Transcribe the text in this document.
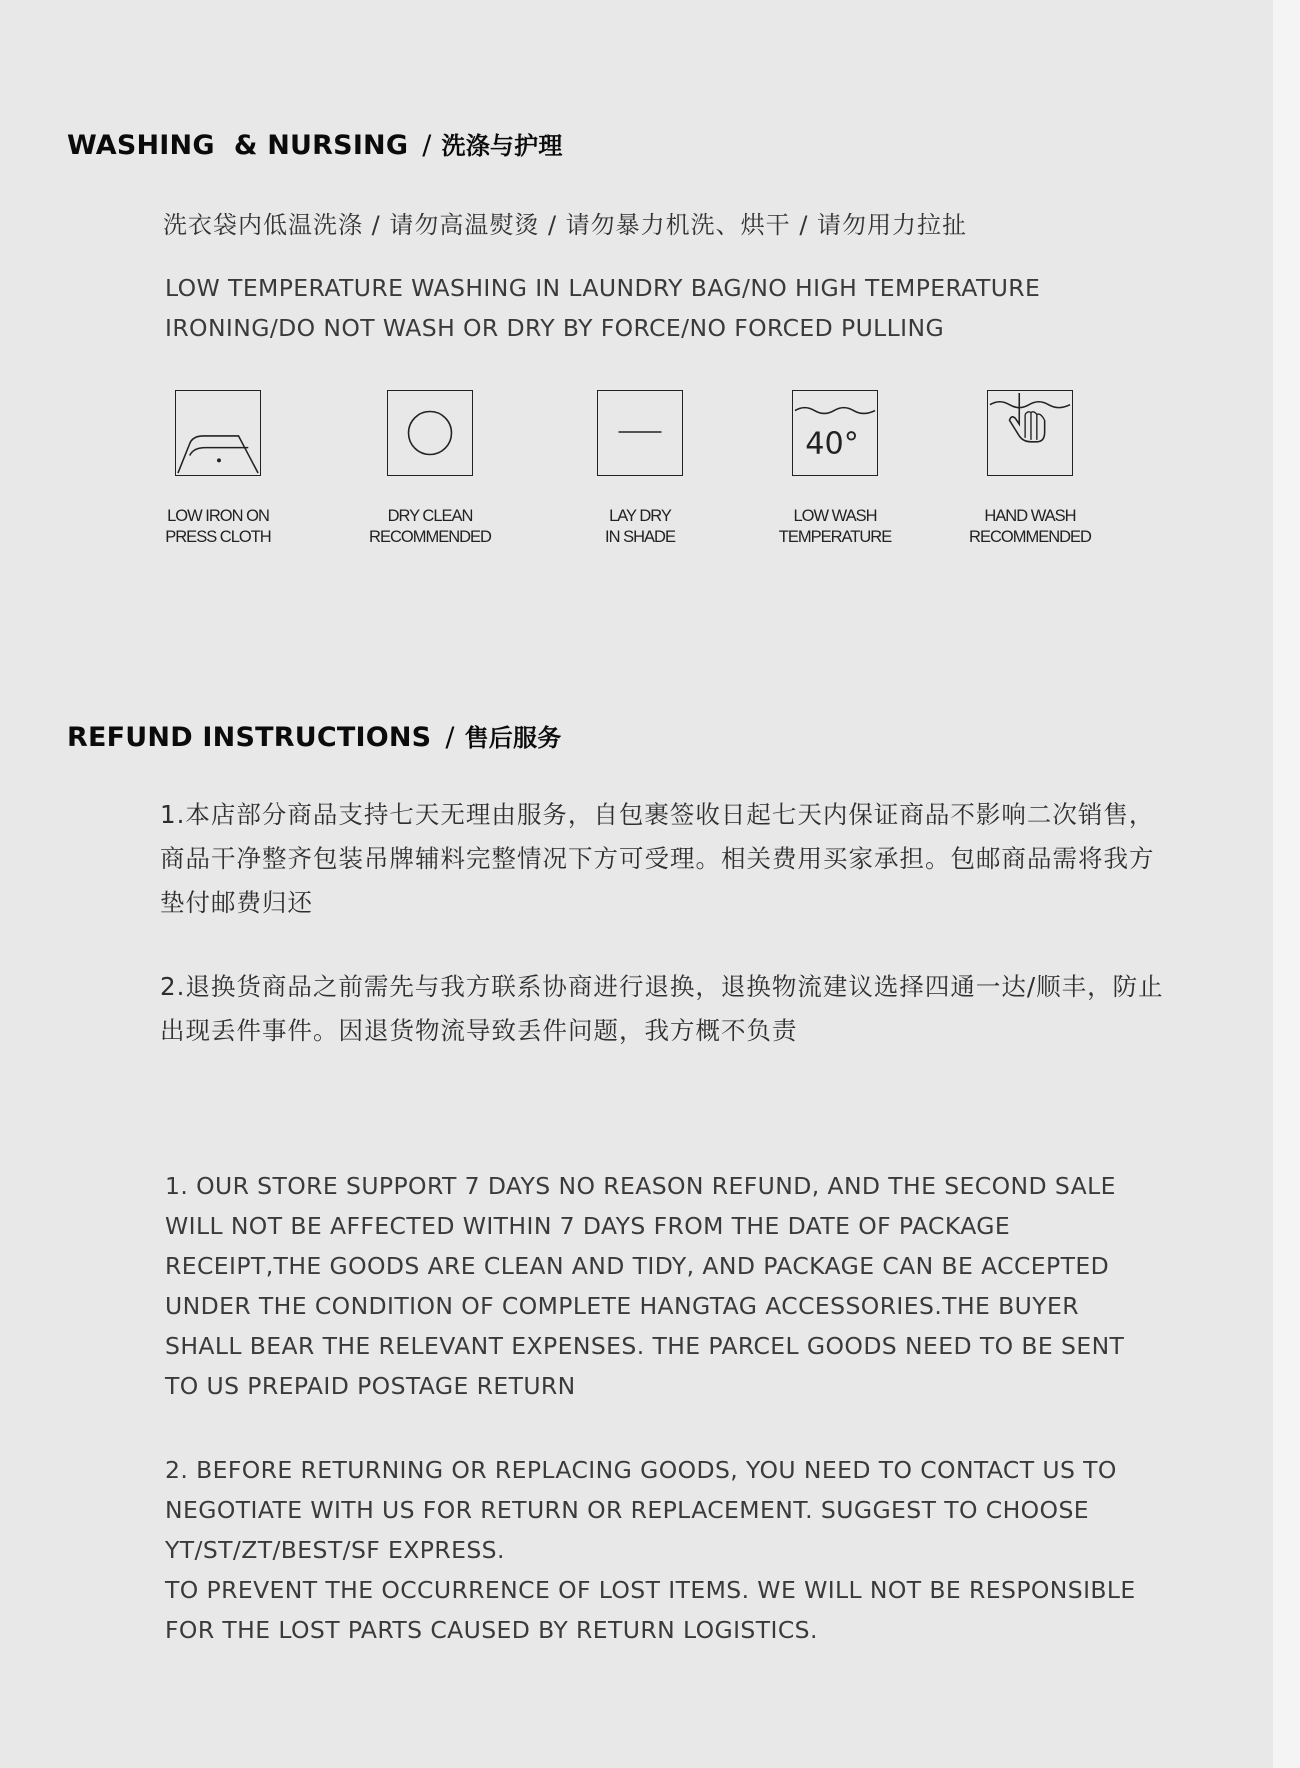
WASHING  & NURSING / 洗涤与护理
洗衣袋内低温洗涤 / 请勿高温熨烫 / 请勿暴力机洗、烘干 / 请勿用力拉扯
LOW TEMPERATURE WASHING IN LAUNDRY BAG/NO HIGH TEMPERATURE IRONING/DO NOT WASH OR DRY BY FORCE/NO FORCED PULLING
LOW IRON ON
PRESS CLOTH
DRY CLEAN
RECOMMENDED
LAY DRY
IN SHADE
40°
LOW WASH
TEMPERATURE
HAND WASH
RECOMMENDED
REFUND INSTRUCTIONS / 售后服务
1.本店部分商品支持七天无理由服务，自包裹签收日起七天内保证商品不影响二次销售，商品干净整齐包装吊牌辅料完整情况下方可受理。相关费用买家承担。包邮商品需将我方垫付邮费归还
2.退换货商品之前需先与我方联系协商进行退换，退换物流建议选择四通一达/顺丰，防止出现丢件事件。因退货物流导致丢件问题，我方概不负责
1. OUR STORE SUPPORT 7 DAYS NO REASON REFUND, AND THE SECOND SALE WILL NOT BE AFFECTED WITHIN 7 DAYS FROM THE DATE OF PACKAGE RECEIPT,THE GOODS ARE CLEAN AND TIDY, AND PACKAGE CAN BE ACCEPTED UNDER THE CONDITION OF COMPLETE HANGTAG ACCESSORIES.THE BUYER SHALL BEAR THE RELEVANT EXPENSES. THE PARCEL GOODS NEED TO BE SENT TO US PREPAID POSTAGE RETURN
2. BEFORE RETURNING OR REPLACING GOODS, YOU NEED TO CONTACT US TO NEGOTIATE WITH US FOR RETURN OR REPLACEMENT. SUGGEST TO CHOOSE YT/ST/ZT/BEST/SF EXPRESS.
TO PREVENT THE OCCURRENCE OF LOST ITEMS. WE WILL NOT BE RESPONSIBLE FOR THE LOST PARTS CAUSED BY RETURN LOGISTICS.
